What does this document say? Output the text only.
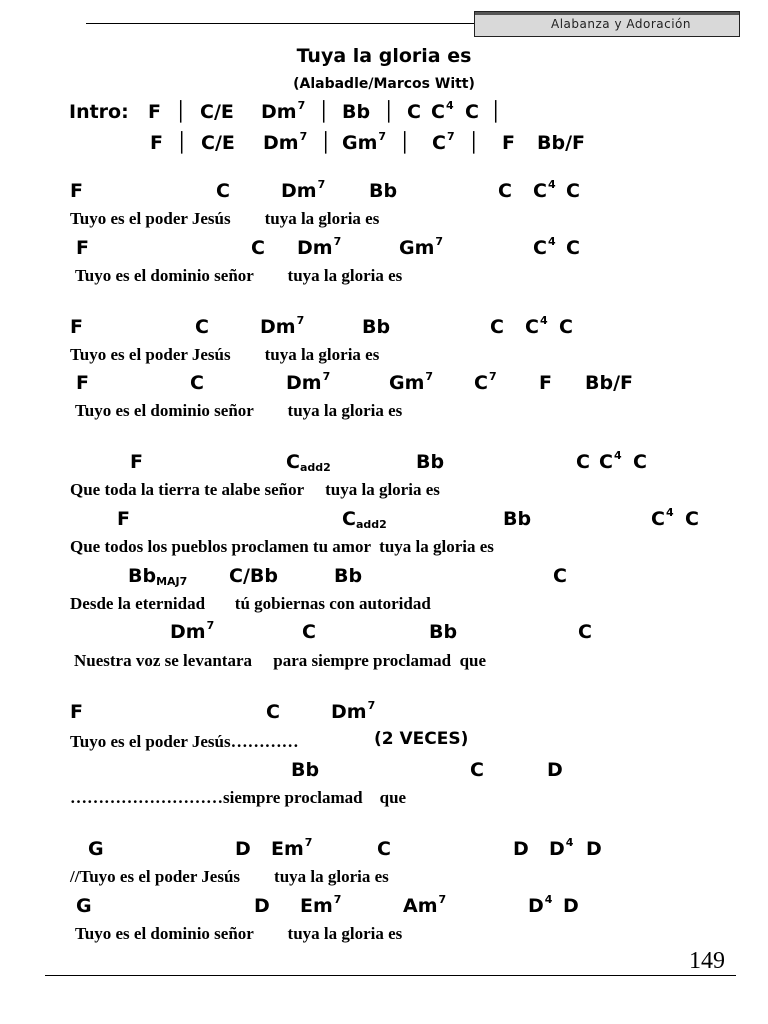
Alabanza y Adoración
Tuya la gloria es
(Alabadle/Marcos Witt)
Intro: F │ C/E Dm$^7$ │ Bb │ C $C^4$ C │
F │ C/E Dm$^7$ │ Gm$^7$ │ $C^7$ │ F Bb/F
F	C	Dm$^7$ Bb	C $C^4$ C
Tuyo es el poder Jesús        tuya la gloria es
F	C Dm$^7$	Gm$^7$	$C^4$ C
Tuyo es el dominio señor        tuya la gloria es
F	C	Dm$^7$	Bb	C $C^4$ C
Tuyo es el poder Jesús        tuya la gloria es
F	C	Dm$^7$	Gm$^7$ $C^7$ F Bb/F
Tuyo es el dominio señor        tuya la gloria es
F	$C_{add2}$	Bb	C $C^4$ C
Que toda la tierra te alabe señor     tuya la gloria es
F	$C_{add2}$	Bb	$C^4$ C
Que todos los pueblos proclamen tu amor  tuya la gloria es
$Bb_{MAJ7}$ C/Bb	Bb	C
Desde la eternidad       tú gobiernas con autoridad
Dm$^7$	C	Bb	C
Nuestra voz se levantara     para siempre proclamad  que
F	C	Dm$^7$
Tuyo es el poder Jesús…………	(2 VECES)
Bb	C	D
………………………siempre proclamad    que
G	D Em$^7$	C	D $D^4$ D
//Tuyo es el poder Jesús        tuya la gloria es
G	D Em$^7$	Am$^7$	$D^4$ D
Tuyo es el dominio señor        tuya la gloria es
149
